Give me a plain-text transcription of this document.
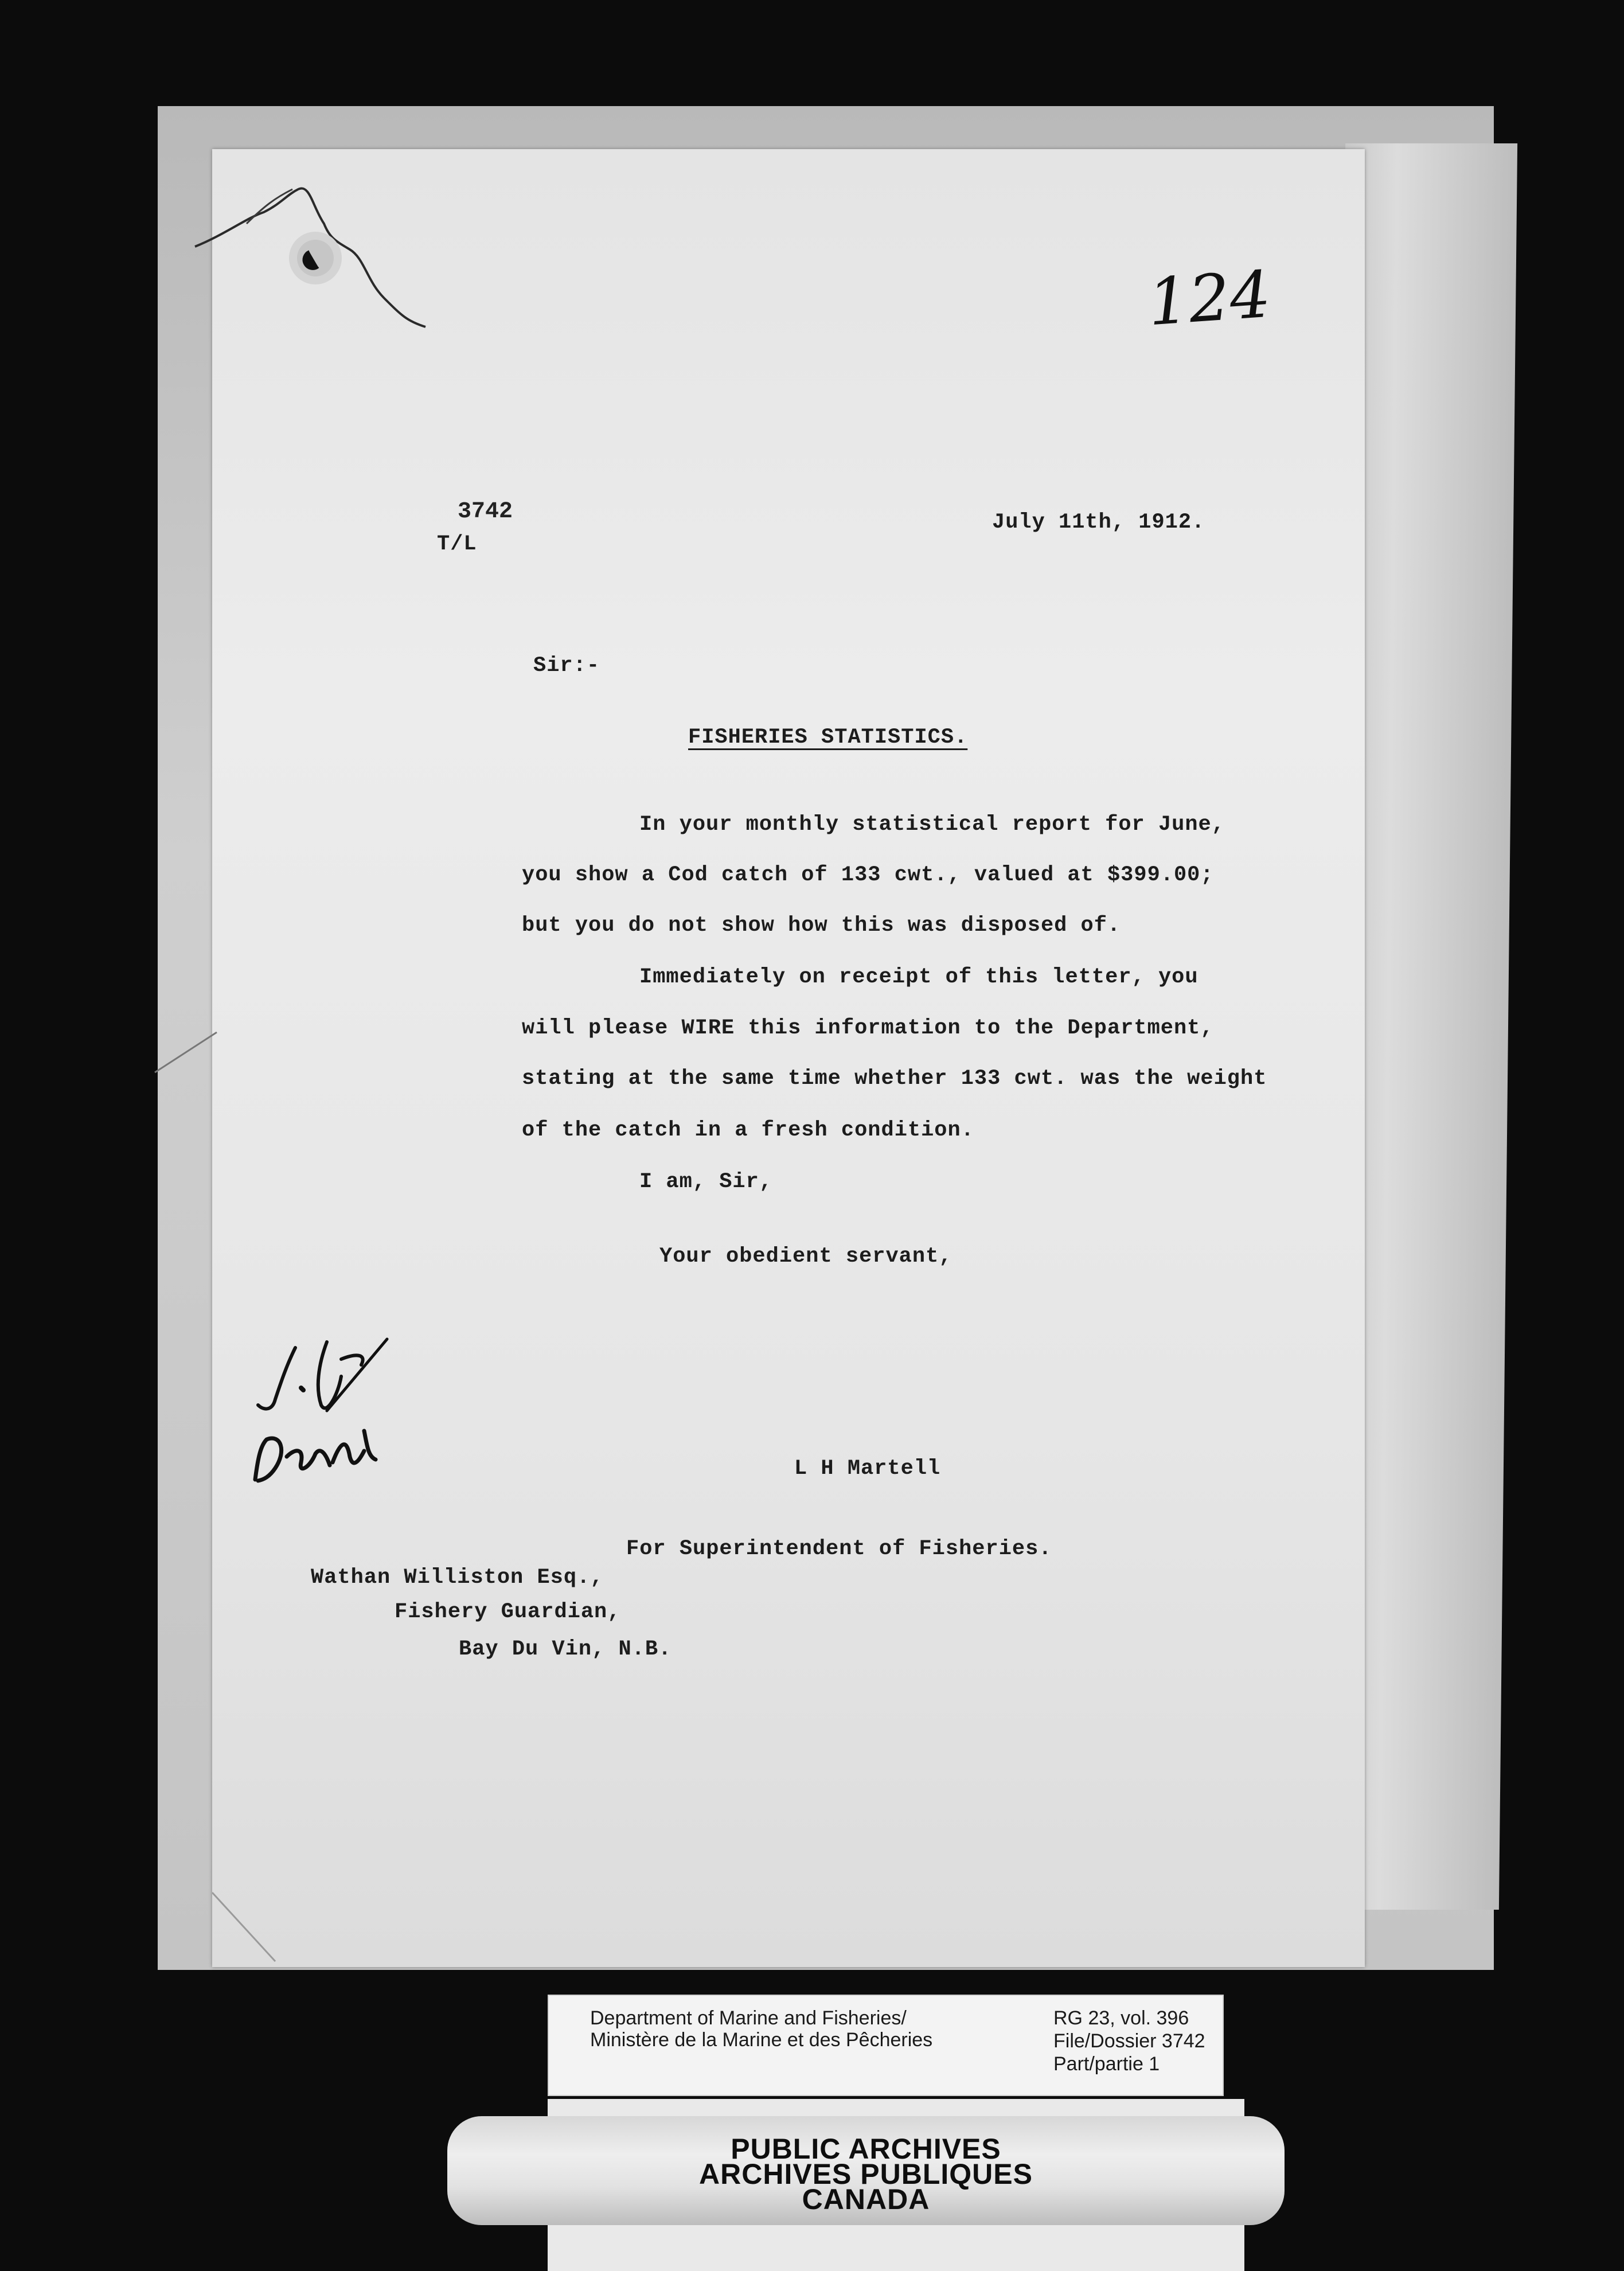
124
3742
T/L
July 11th, 1912.
Sir:-
FISHERIES STATISTICS.
In your monthly statistical report for June,
you show a Cod catch of 133 cwt., valued at $399.00;
but you do not show how this was disposed of.
Immediately on receipt of this letter, you
will please WIRE this information to the Department,
stating at the same time whether 133 cwt. was the weight
of the catch in a fresh condition.
I am, Sir,
Your obedient servant,
L H Martell
For Superintendent of Fisheries.
Wathan Williston Esq.,
Fishery Guardian,
Bay Du Vin, N.B.
Department of Marine and Fisheries/
Ministère de la Marine et des Pêcheries
RG 23, vol. 396
File/Dossier 3742
Part/partie 1
PUBLIC ARCHIVES
ARCHIVES PUBLIQUES
CANADA
